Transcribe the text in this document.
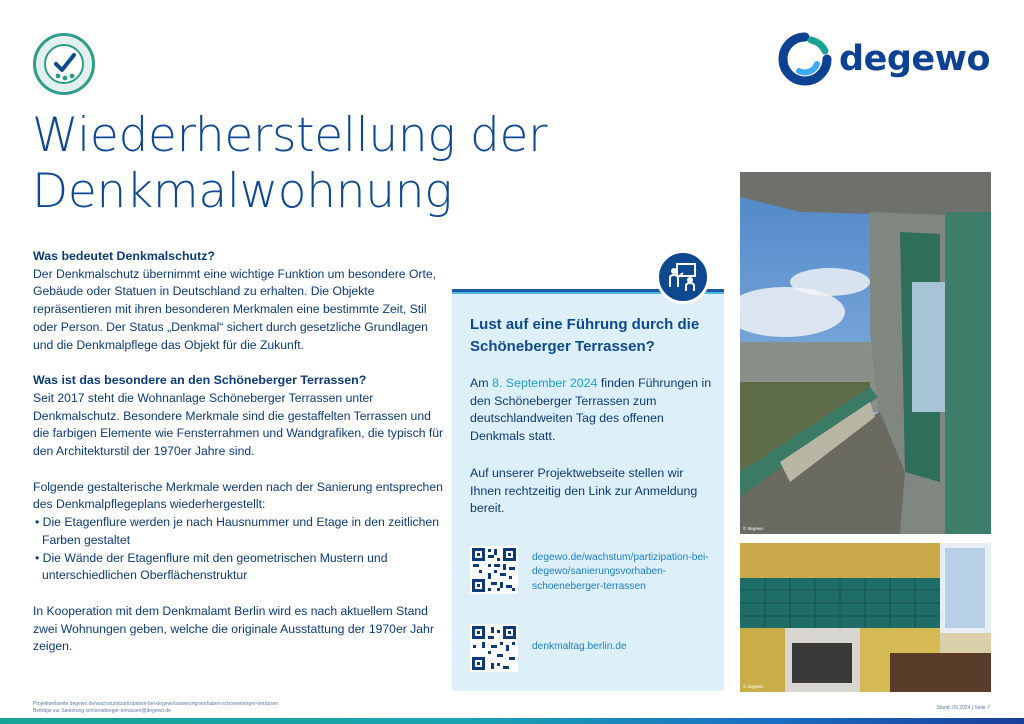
degewo
Wiederherstellung der
Denkmalwohnung
Was bedeutet Denkmalschutz?

Der Denkmalschutz übernimmt eine wichtige Funktion um besondere Orte, Gebäude oder Statuen in Deutschland zu erhalten. Die Objekte repräsentieren mit ihren besonderen Merkmalen eine bestimmte Zeit, Stil oder Person. Der Status „Denkmal“ sichert durch gesetzliche Grundlagen und die Denkmalpflege das Objekt für die Zukunft.

Was ist das besondere an den Schöneberger Terrassen?

Seit 2017 steht die Wohnanlage Schöneberger Terrassen unter Denkmalschutz. Besondere Merkmale sind die gestaffelten Terrassen und die farbigen Elemente wie Fensterrahmen und Wandgrafiken, die typisch für den Architekturstil der 1970er Jahre sind.

Folgende gestalterische Merkmale werden nach der Sanierung entsprechen des Denkmalpflegeplans wiederhergestellt:

• Die Etagenflure werden je nach Hausnummer und Etage in den zeitlichen Farben gestaltet
• Die Wände der Etagenflure mit den geometrischen Mustern und unterschiedlichen Oberflächenstruktur

In Kooperation mit dem Denkmalamt Berlin wird es nach aktuellem Stand zwei Wohnungen geben, welche die originale Ausstattung der 1970er Jahr zeigen.

Lust auf eine Führung durch die Schöneberger Terrassen?

Am 8. September 2024 finden Führungen in den Schöneberger Terrassen zum deutschlandweiten Tag des offenen Denkmals statt.

Auf unserer Projektwebseite stellen wir Ihnen rechtzeitig den Link zur Anmeldung bereit.

degewo.de/wachstum/partizipation-bei-degewo/sanierungsvorhaben-schoeneberger-terrassen
denkmaltag.berlin.de
© degewo
© degewo
Projektwebseite degewo.de/wachstum/partizipation-bei-degewo/sanierungsvorhaben-schoeneberger-terrassen
Beiträge zur Sanierung schoeneberger-terrassen@degewo.de	Stand: 09.2024 | Seite 7
